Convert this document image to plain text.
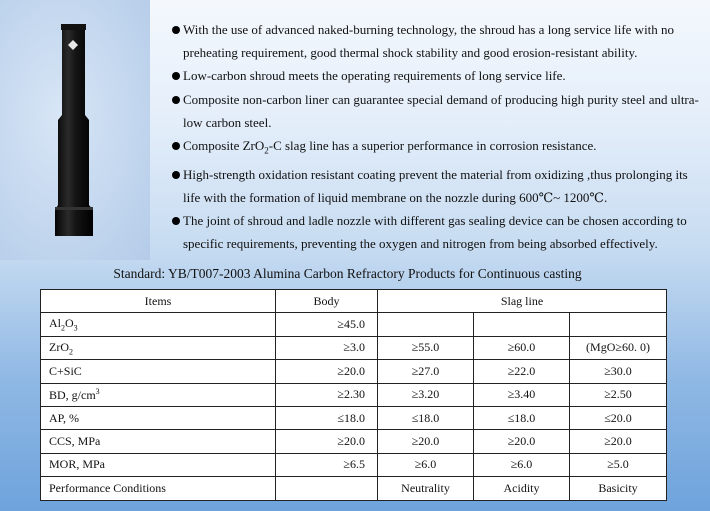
With the use of advanced naked-burning technology, the shroud has a long service life with no preheating requirement, good thermal shock stability and good erosion-resistant ability.
Low-carbon shroud meets the operating requirements of long service life.
Composite non-carbon liner can guarantee special demand of producing high purity steel and ultra-low carbon steel.
Composite ZrO$_2$-C slag line has a superior performance in corrosion resistance.
High-strength oxidation resistant coating prevent the material from oxidizing ,thus prolonging its life with the formation of liquid membrane on the nozzle during 600℃~ 1200℃.
The joint of shroud and ladle nozzle with different gas sealing device can be chosen according to specific requirements, preventing the oxygen and nitrogen from being absorbed effectively.
Standard: YB/T007-2003 Alumina Carbon Refractory Products for Continuous casting
Items	Body	Slag line		
$Al_2O_3$	≥45.0			
ZrO$_2$	≥3.0	≥55.0	≥60.0	(MgO≥60. 0)
C+SiC	≥20.0	≥27.0	≥22.0	≥30.0
BD, $g/cm^3$	≥2.30	≥3.20	≥3.40	≥2.50
AP, %	≤18.0	≤18.0	≤18.0	≤20.0
CCS, MPa	≥20.0	≥20.0	≥20.0	≥20.0
MOR, MPa	≥6.5	≥6.0	≥6.0	≥5.0
Performance Conditions		Neutrality	Acidity	Basicity
